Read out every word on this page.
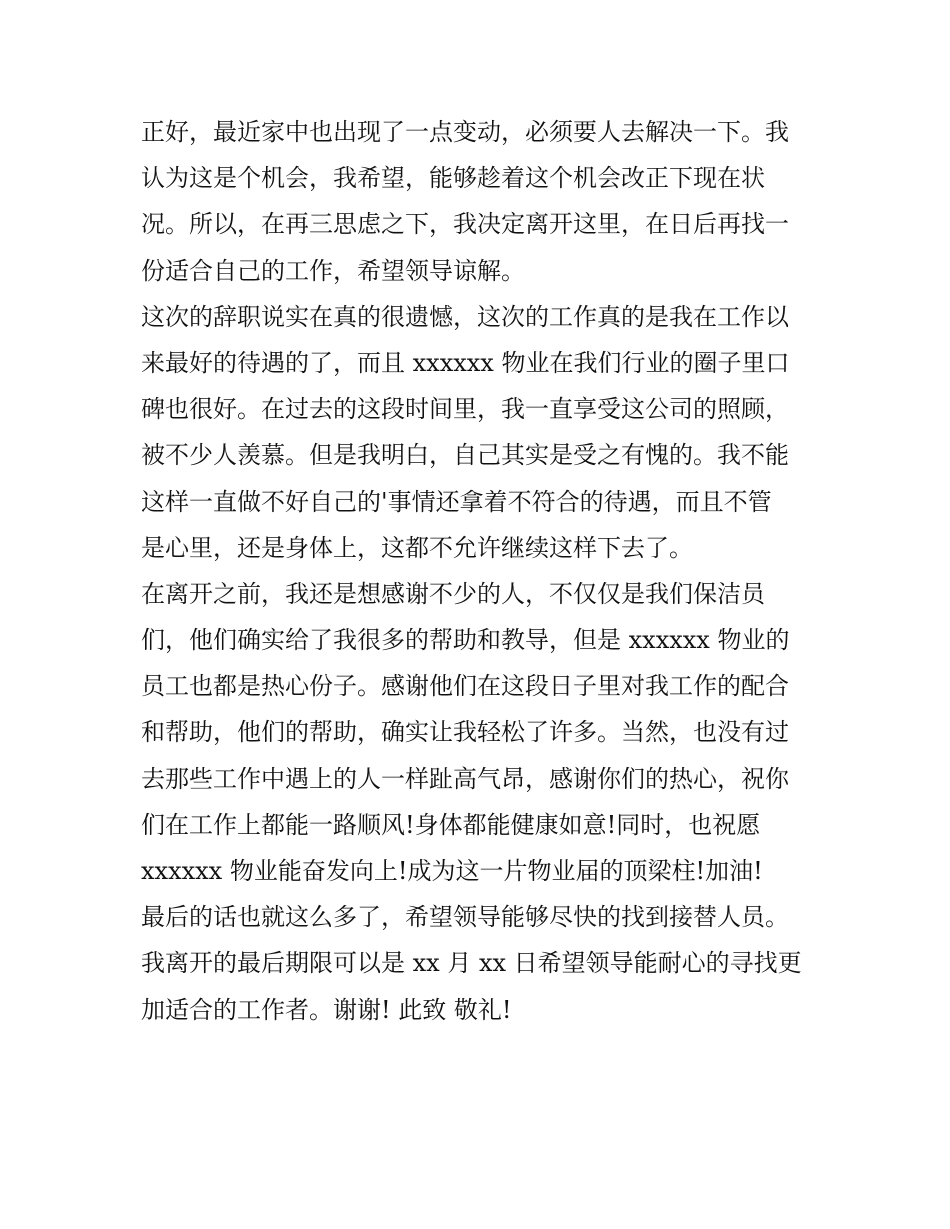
正好，最近家中也出现了一点变动，必须要人去解决一下。我
认为这是个机会，我希望，能够趁着这个机会改正下现在状
况。所以，在再三思虑之下，我决定离开这里，在日后再找一
份适合自己的工作，希望领导谅解。
这次的辞职说实在真的很遗憾，这次的工作真的是我在工作以
来最好的待遇的了，而且 xxxxxx 物业在我们行业的圈子里口
碑也很好。在过去的这段时间里，我一直享受这公司的照顾，
被不少人羡慕。但是我明白，自己其实是受之有愧的。我不能
这样一直做不好自己的'事情还拿着不符合的待遇，而且不管
是心里，还是身体上，这都不允许继续这样下去了。
在离开之前，我还是想感谢不少的人，不仅仅是我们保洁员
们，他们确实给了我很多的帮助和教导，但是 xxxxxx 物业的
员工也都是热心份子。感谢他们在这段日子里对我工作的配合
和帮助，他们的帮助，确实让我轻松了许多。当然，也没有过
去那些工作中遇上的人一样趾高气昂，感谢你们的热心，祝你
们在工作上都能一路顺风!身体都能健康如意!同时，也祝愿
xxxxxx 物业能奋发向上!成为这一片物业届的顶梁柱!加油!
最后的话也就这么多了，希望领导能够尽快的找到接替人员。
我离开的最后期限可以是 xx 月 xx 日希望领导能耐心的寻找更
加适合的工作者。谢谢! 此致 敬礼!
